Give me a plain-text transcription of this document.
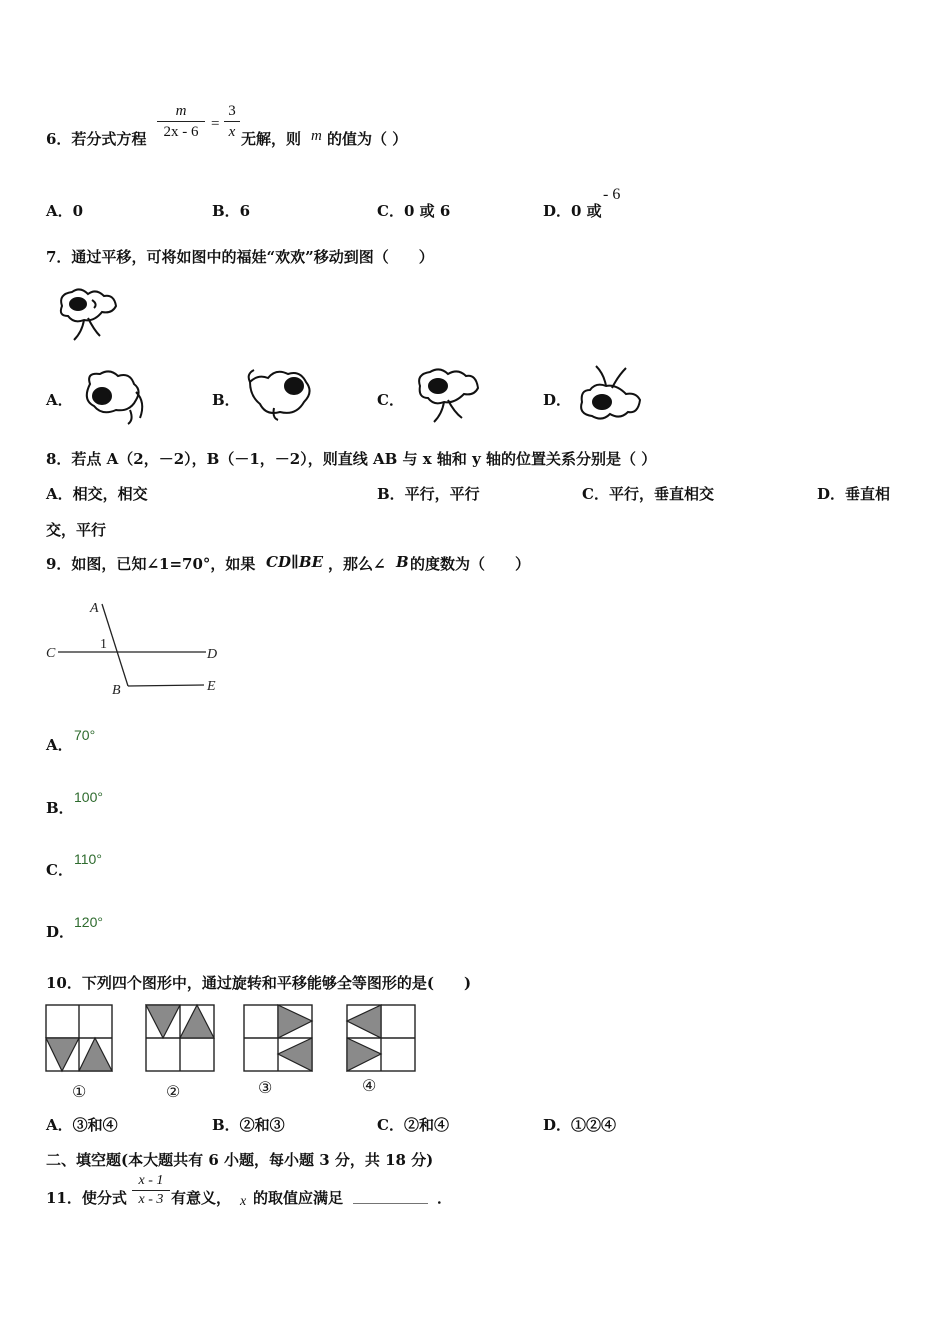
6．若分式方程
m
2x - 6 =
3
x 无解，则 m 的值为（ ）
A．0	B．6	C．0 或 6	D．0 或
- 6
7．通过平移，可将如图中的福娃“欢欢”移动到图（　　）
A．	B．	C．	D．
8．若点 A（2，－2），B（－1，－2），则直线 AB 与 x 轴和 y 轴的位置关系分别是（ ）
A．相交，相交	B．平行，平行	C．平行，垂直相交	D．垂直相
交，平行
9．如图，已知∠1=70°，如果 CD∥BE ，那么∠ B 的度数为（　　）
A
C	D
B	E
1
A．
70°
B．
100°
C．
110°
D．
120°
10．下列四个图形中，通过旋转和平移能够全等图形的是(　　)
①	②	③	④
A．③和④	B．②和③	C．②和④	D．①②④
二、填空题(本大题共有 6 小题，每小题 3 分，共 18 分)
11．使分式
x - 1
x - 3 有意义， x 的取值应满足 __________ ．
